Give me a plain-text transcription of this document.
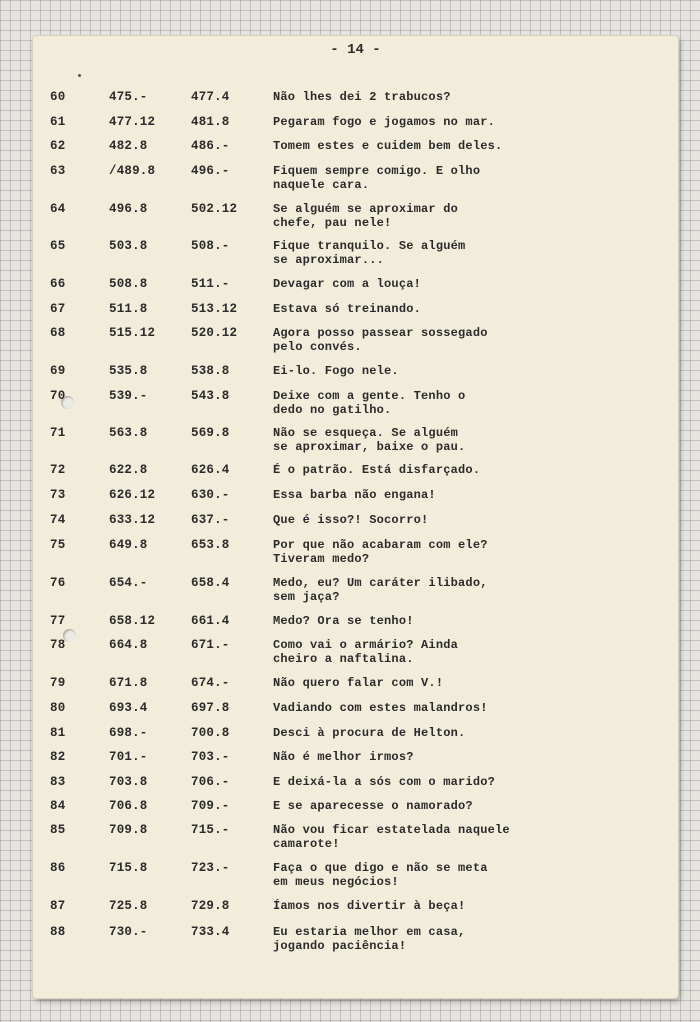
- 14 -
60	475.-	477.4	Não lhes dei 2 trabucos?
61	477.12	481.8	Pegaram fogo e jogamos no mar.
62	482.8	486.-	Tomem estes e cuidem bem deles.
63	/489.8	496.-	Fiquem sempre comigo. E olho
naquele cara.
64	496.8	502.12	Se alguém se aproximar do
chefe, pau nele!
65	503.8	508.-	Fique tranquilo. Se alguém
se aproximar...
66	508.8	511.-	Devagar com a louça!
67	511.8	513.12	Estava só treinando.
68	515.12	520.12	Agora posso passear sossegado
pelo convés.
69	535.8	538.8	Ei-lo. Fogo nele.
70	539.-	543.8	Deixe com a gente. Tenho o
dedo no gatilho.
71	563.8	569.8	Não se esqueça. Se alguém
se aproximar, baixe o pau.
72	622.8	626.4	É o patrão. Está disfarçado.
73	626.12	630.-	Essa barba não engana!
74	633.12	637.-	Que é isso?! Socorro!
75	649.8	653.8	Por que não acabaram com ele?
Tiveram medo?
76	654.-	658.4	Medo, eu? Um caráter ilibado,
sem jaça?
77	658.12	661.4	Medo? Ora se tenho!
78	664.8	671.-	Como vai o armário? Ainda
cheiro a naftalina.
79	671.8	674.-	Não quero falar com V.!
80	693.4	697.8	Vadiando com estes malandros!
81	698.-	700.8	Desci à procura de Helton.
82	701.-	703.-	Não é melhor irmos?
83	703.8	706.-	E deixá-la a sós com o marido?
84	706.8	709.-	E se aparecesse o namorado?
85	709.8	715.-	Não vou ficar estatelada naquele
camarote!
86	715.8	723.-	Faça o que digo e não se meta
em meus negócios!
87	725.8	729.8	Íamos nos divertir à beça!
88	730.-	733.4	Eu estaria melhor em casa,
jogando paciência!
